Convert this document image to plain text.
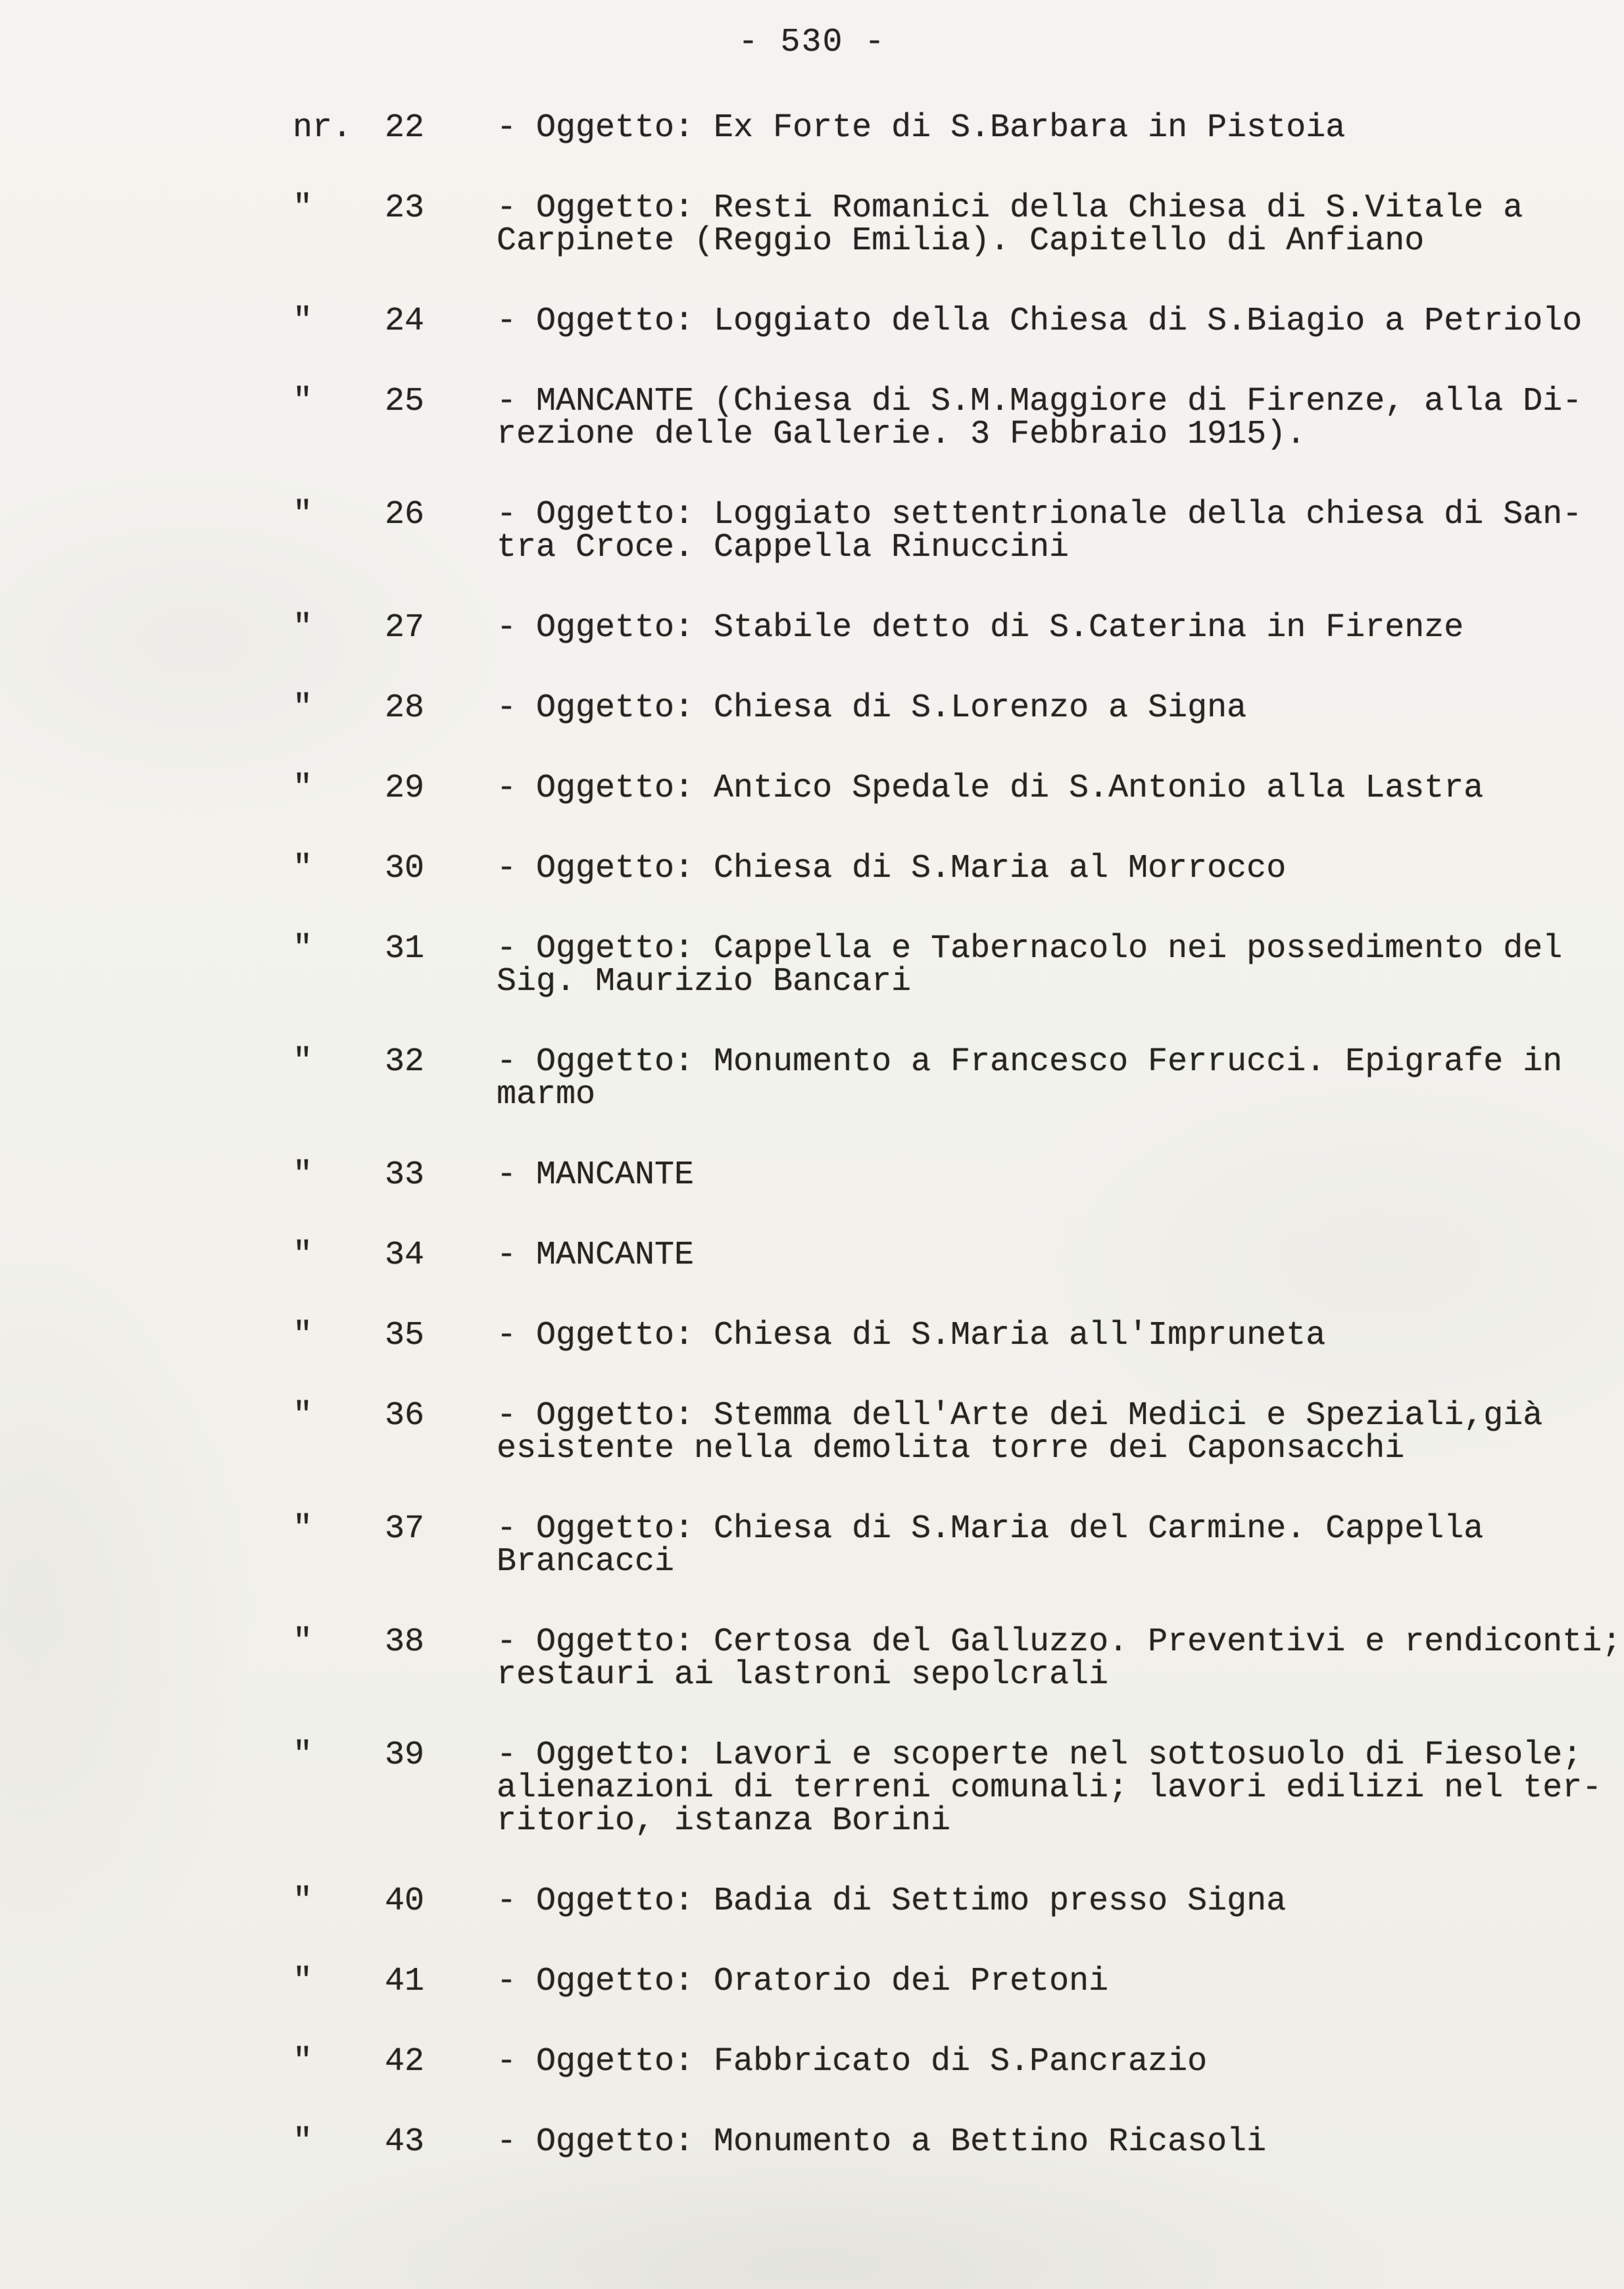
- 530 -
nr. 22	- Oggetto: Ex Forte di S.Barbara in Pistoia
"	23	- Oggetto: Resti Romanici della Chiesa di S.Vitale a
Carpinete (Reggio Emilia). Capitello di Anfiano
"	24	- Oggetto: Loggiato della Chiesa di S.Biagio a Petriolo
"	25	- MANCANTE (Chiesa di S.M.Maggiore di Firenze, alla Di-
rezione delle Gallerie. 3 Febbraio 1915).
"	26	- Oggetto: Loggiato settentrionale della chiesa di San-
tra Croce. Cappella Rinuccini
"	27	- Oggetto: Stabile detto di S.Caterina in Firenze
"	28	- Oggetto: Chiesa di S.Lorenzo a Signa
"	29	- Oggetto: Antico Spedale di S.Antonio alla Lastra
"	30	- Oggetto: Chiesa di S.Maria al Morrocco
"	31	- Oggetto: Cappella e Tabernacolo nei possedimento del
Sig. Maurizio Bancari
"	32	- Oggetto: Monumento a Francesco Ferrucci. Epigrafe in
marmo
"	33	- MANCANTE
"	34	- MANCANTE
"	35	- Oggetto: Chiesa di S.Maria all'Impruneta
"	36	- Oggetto: Stemma dell'Arte dei Medici e Speziali,già
esistente nella demolita torre dei Caponsacchi
"	37	- Oggetto: Chiesa di S.Maria del Carmine. Cappella
Brancacci
"	38	- Oggetto: Certosa del Galluzzo. Preventivi e rendiconti;
restauri ai lastroni sepolcrali
"	39	- Oggetto: Lavori e scoperte nel sottosuolo di Fiesole;
alienazioni di terreni comunali; lavori edilizi nel ter-
ritorio, istanza Borini
"	40	- Oggetto: Badia di Settimo presso Signa
"	41	- Oggetto: Oratorio dei Pretoni
"	42	- Oggetto: Fabbricato di S.Pancrazio
"	43	- Oggetto: Monumento a Bettino Ricasoli
